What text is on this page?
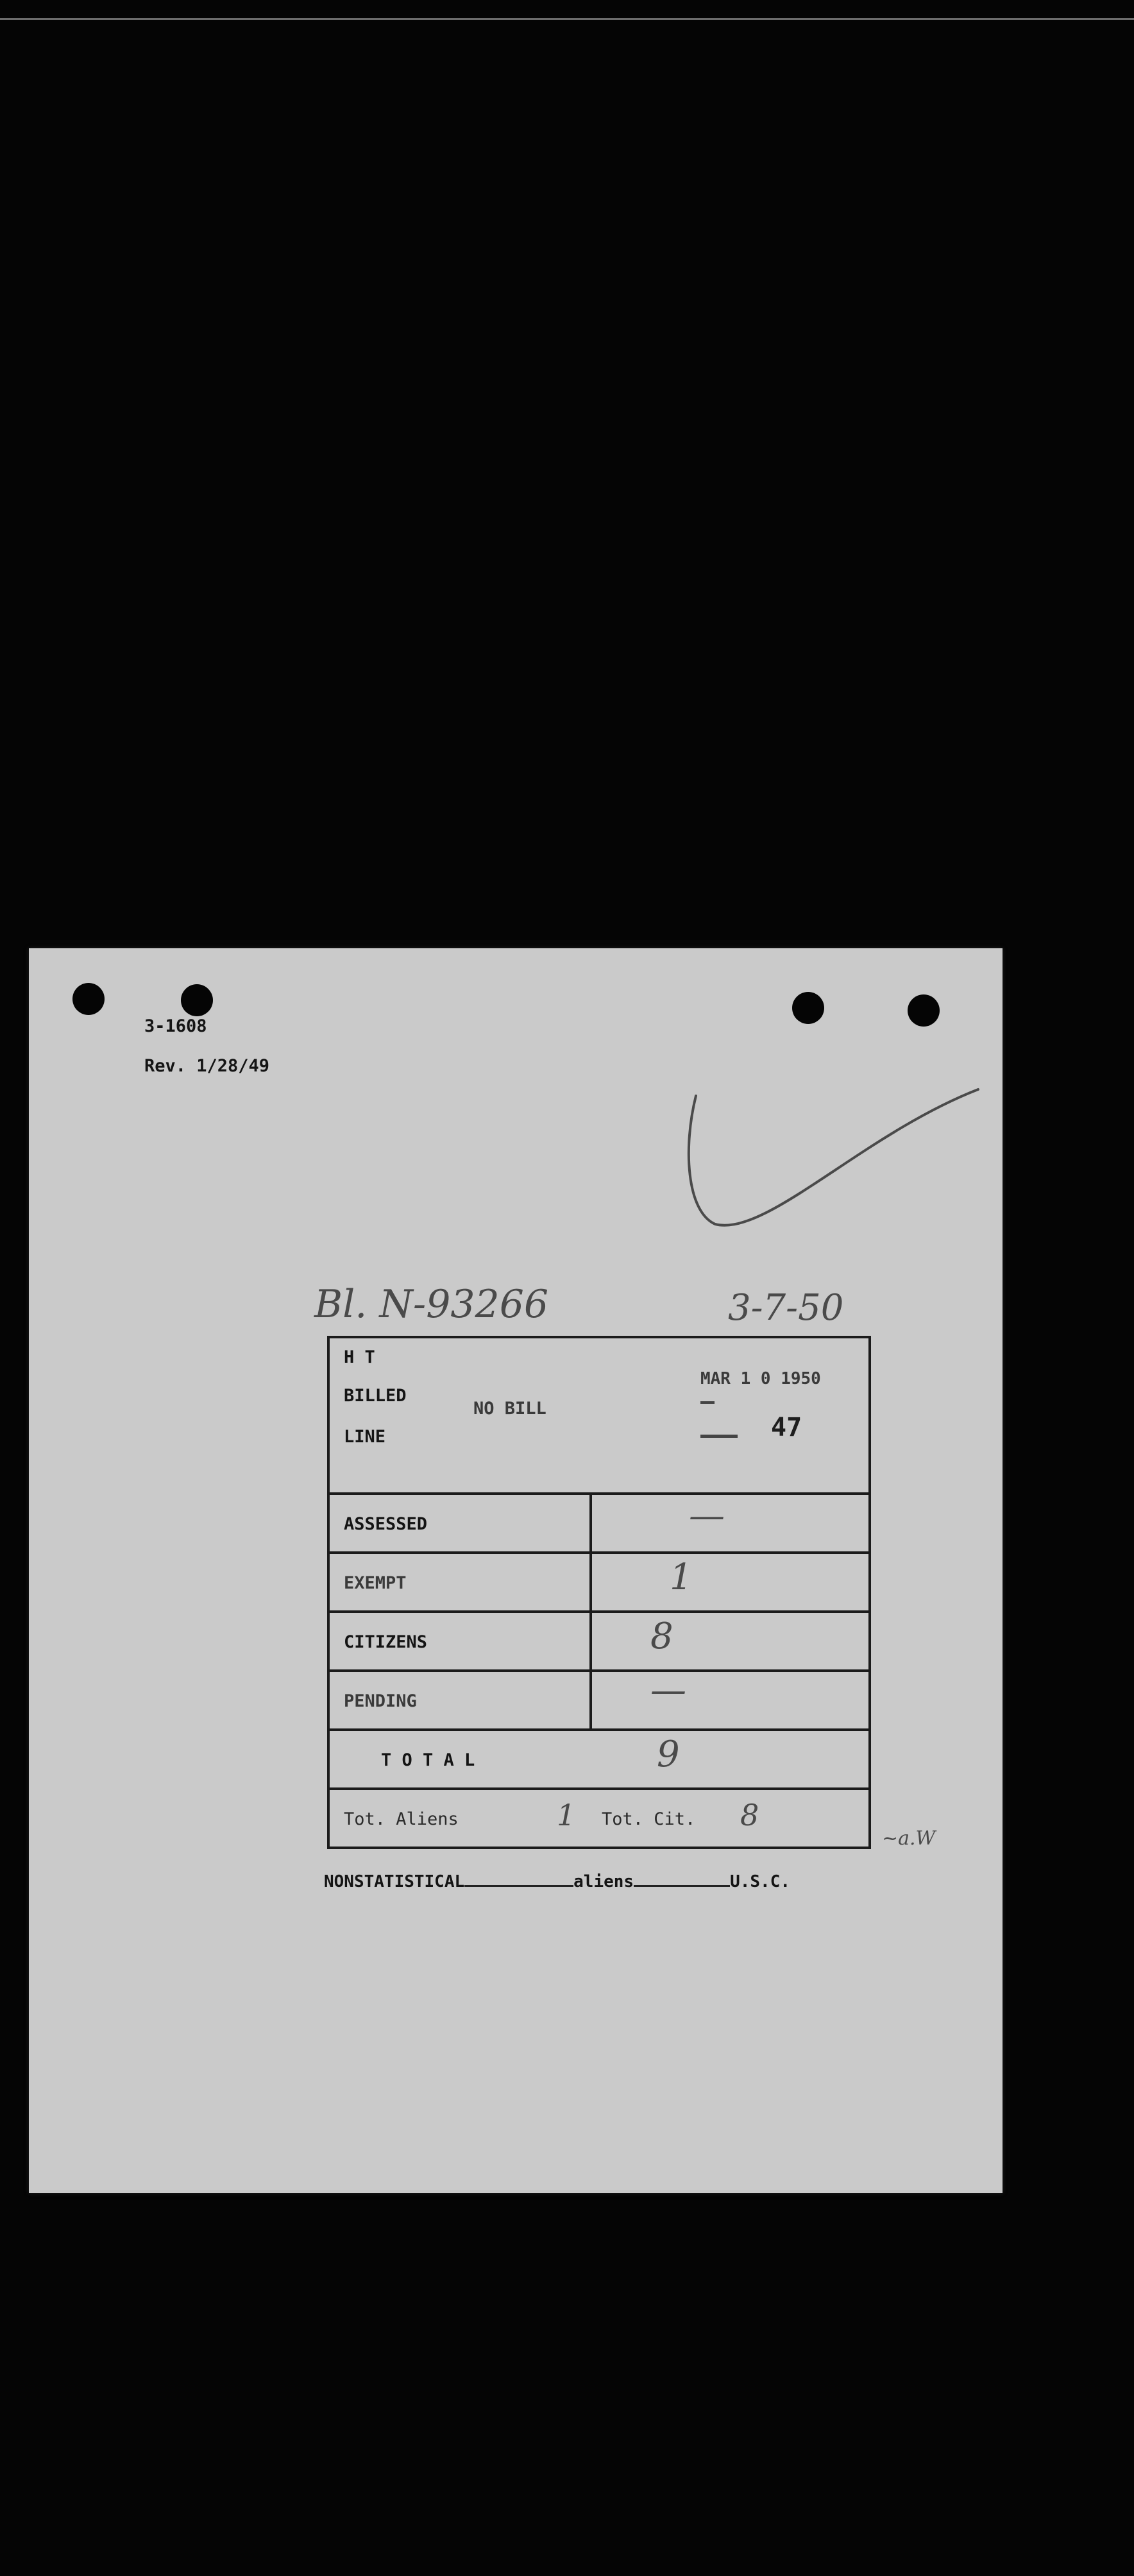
3-1608
Rev. 1/28/49
Bl. N-93266	3-7-50
H T
BILLED
LINE
NO BILL
MAR 1 0 1950
47
ASSESSED	—
EXEMPT	1
CITIZENS	8
PENDING	—
T O T A L	9
Tot. Aliens	1 Tot. Cit. 8
~a.W
NONSTATISTICAL	aliens	U.S.C.
